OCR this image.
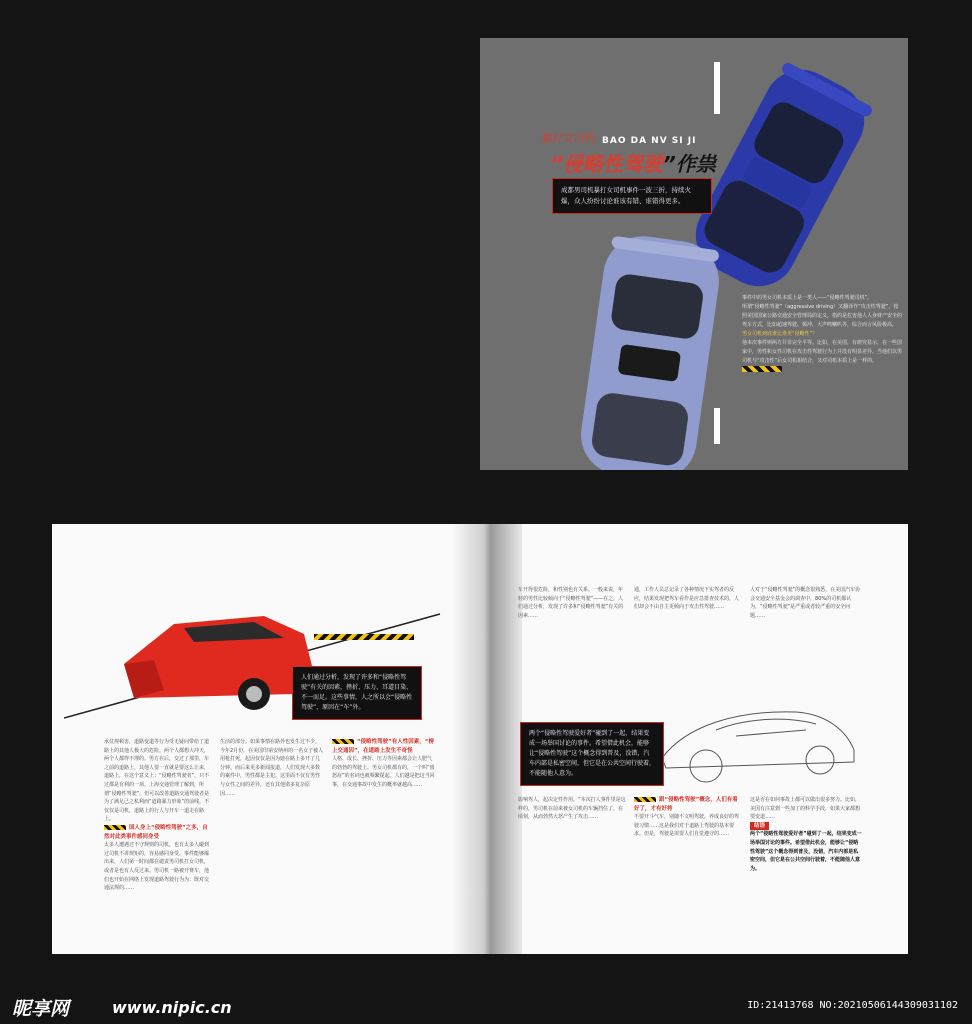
暴打女司机 BAO DA NV SI JI
“侵略性驾驶”作祟
成都男司机暴打女司机事件一波三折，持续火爆，众人纷纷讨论谁该有错、谁错得更多。
事件中的男女司机本质上是一类人——“侵略性驾驶司机”。
所谓“侵略性驾驶”（aggressive driving）又翻译作“攻击性驾驶”，按照美国国家公路交通安全管理局的定义，指的是危害他人人身财产安全的驾车方式，比如超速驾驶、频冲、大声鸣喇叭等，综合而言风险极高。
男女司机到底谁比谁更“侵略性”？
他本次事件则两方并非完全平等。比如，在美国，有研究显示，在一些国家中，男性和女性司机在攻击性驾驶行为上并没有明显差异。当他们以男司机与“攻击性”后女司机相结合，又对司机本质上是一样的。
人们通过分析，发现了许多和“侵略性驾驶”有关的因素，挫折、压力、耳道目染、不一而足。这些事情，人之所以会“侵略性驾驶”，原因在“车”外。
承仗规顿害，道路变道等行为受无疑问带给了道路上的其他人极大的危险。两个人都想大冲天，两个人都得不理的。男方在后，交过了那里，车之前的道路上，其他人要一直就是要这么让来，道路上，在这个意义上；“侵略性驾驶者”，只不过都是有利的一项。上海交通管理了解到，所谓“侵略性驾驶”，但可以改善道路交通驾驶者是为了满足己之私利而“道路暴力形象”的前线。不仅仅是司机，道路上的行人与开车一道走在路上。
国人身上“侵略性驾驶”之多，自然对此类事件感同身受
太多人遭遇过不守规则的司机，也有太多人碰到过司机不讲规矩的，容易感同身受。事件能够爆出来，人们第一时间都在谴责男司机打女司机，或者是也有人反过来。男司机一路被开赛车，他们也开始在网络上发现道路驾驶行为为：既对交通法规的……
生活的部分。如果事情在路外也发生过不少。今年2月份，在美国印第安纳州的一名女子被人用枪打死，起因仅仅是因为她在路上多开了几分钟。而后来更多新闻报道，人们发现大多数的案件中，男性都是主犯。这里面不仅有男性与女性之间的差异，还有其他诸多复杂原因……
“侵略性驾驶”有人性因素，“榜上交通因”，在道路上发生不奇怪
人格、成长、挫折、压力等因素都会让人肥气的勃勃的驾驶上。男女司机都有的，一个叫“愤怒症”的名词也被频繁提起。人们越是把这当回事，在交通事故中发生的概率就越高……
车开得很危险，和性别也有关系。一般来说，年轻的男性比较倾向于“侵略性驾驶”——在之，人们通过分析，发现了许多和“侵略性驾驶”有关的因素……
通，工作人员总记录了各种情况下实驾者的反应，结果发现把驾车看作是应急排查技术的，人们却会不由自主更倾向于攻击性驾驶……
人对于“侵略性驾驶”的概念很熟悉。在美国汽车协会交通安全基金会的调查中，80%的司机都认为，“侵略性驾驶”是严重或者较严重的安全问题……
两个“侵略性驾驶爱好者”碰到了一起，结果变成一场举国讨论的事件。希望借此机会，能够让“侵略性驾驶”这个概念得到普及，没错，汽车内部是私密空间，但它是在公共空间行驶着，不能随他人意为。
影响驾人，起决定性作用。“本次打人事件里是这样的，男司机在前来被女司机的车辆挡住了，在顷刻，从而勃然大怒产生了攻击……
跟“侵略性驾驶”概念，人们有着好了，才有好将
不要开斗气车，别随不文明驾驶，养成良好的驾驶习惯……这是我们对于道路上驾驶的基本要求。但是，驾驶是需要人们自觉遵守的……
这是否在如何事故上都可以做出很多努力。比如，美国有注意到一些加了的科学手段，如果大家都想要变道……
结语
两个“侵略性驾驶爱好者”碰到了一起，结果变成一场举国讨论的事件。希望借此机会，能够让“侵略性驾驶”这个概念得到普及，没错，汽车内部是私密空间，但它是在公共空间行驶着，不能随他人意为。
昵享网	www.nipic.cn	ID:21413768 NO:20210506144309031102
